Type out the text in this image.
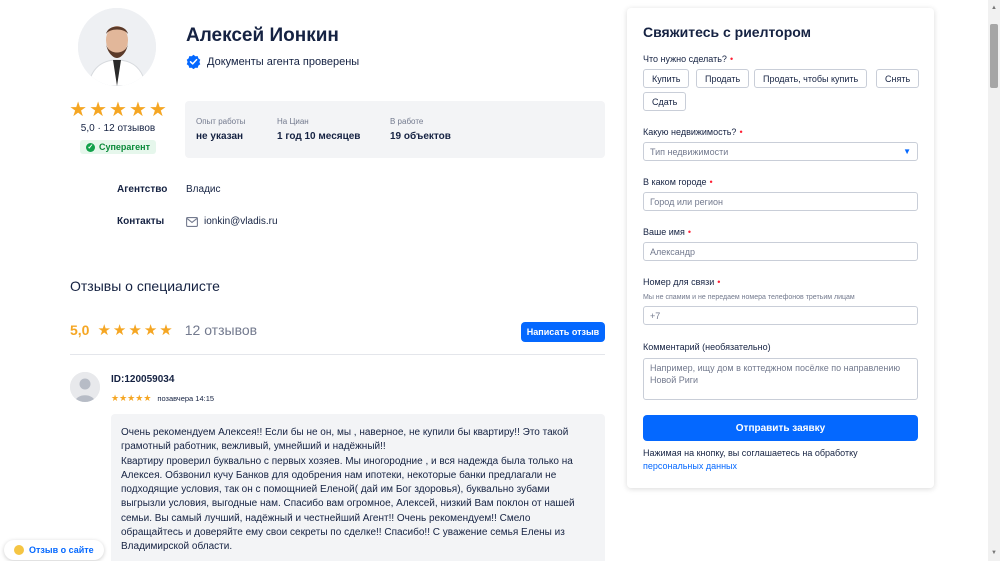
Алексей Ионкин
Документы агента проверены
★ ★ ★ ★ ★
5,0 · 12 отзывов
✓ Суперагент
Опыт работы
не указан
На Циан
1 год 10 месяцев
В работе
19 объектов
Агентство	Владис
Контакты	ionkin@vladis.ru
Отзывы о специалисте
5,0 ★ ★ ★ ★ ★ 12 отзывов	Написать отзыв
ID:120059034
★★★★★ позавчера 14:15
Очень рекомендуем Алексея!! Если бы не он, мы , наверное, не купили бы квартиру!! Это такой грамотный работник, вежливый, умнейший и надёжный!!
Квартиру проверил буквально с первых хозяев. Мы иногородние , и вся надежда была только на Алексея. Обзвонил кучу Банков для одобрения нам ипотеки, некоторые банки предлагали не подходящие условия, так он с помощнией Еленой( дай им Бог здоровья), буквально зубами выгрызли условия, выгодные нам. Спасибо вам огромное, Алексей, низкий Вам поклон от нашей семьи. Вы самый лучший, надёжный и честнейший Агент!! Очень рекомендуем!! Смело обращайтесь и доверяйте ему свои секреты по сделке!! Спасибо!! С уважение семья Елены из Владимирской области.
Отзыв о сайте
Свяжитесь с риелтором
Что нужно сделать? •
Купить	Продать	Продать, чтобы купить	Снять
Сдать
Какую недвижимость? •
Тип недвижимости	▼
В каком городе •
Город или регион
Ваше имя •
Александр
Номер для связи •
Мы не спамим и не передаем номера телефонов третьим лицам
+7
Комментарий (необязательно)
Например, ищу дом в коттеджном посёлке по направлению Новой Риги
Отправить заявку
Нажимая на кнопку, вы соглашаетесь на обработку персональных данных
▲
▼
